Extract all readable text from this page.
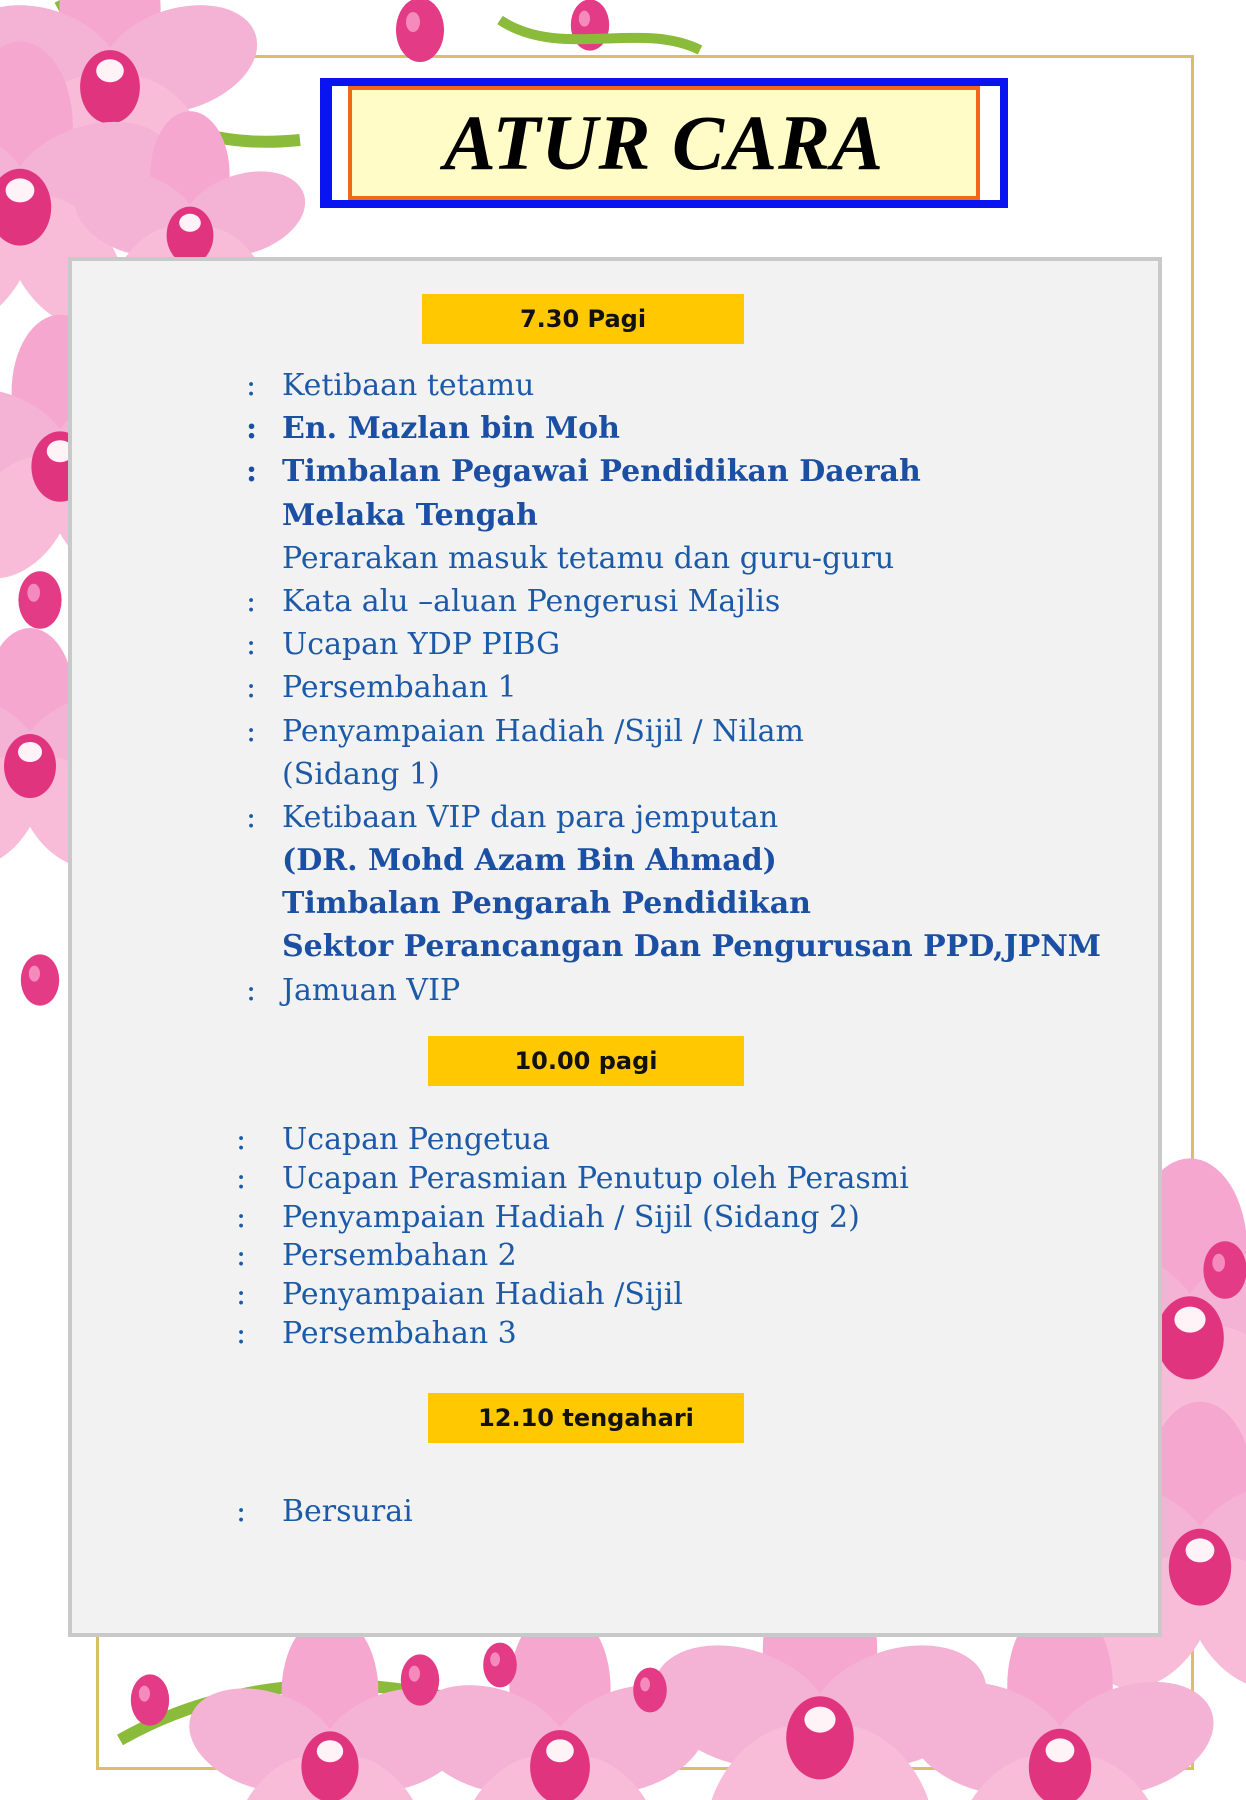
ATUR CARA
7.30 Pagi
: Ketibaan tetamu
: En. Mazlan bin Moh
: Timbalan Pegawai Pendidikan Daerah
Melaka Tengah
Perarakan masuk tetamu dan guru-guru
: Kata alu –aluan Pengerusi Majlis
: Ucapan YDP PIBG
: Persembahan 1
: Penyampaian Hadiah /Sijil / Nilam
(Sidang 1)
: Ketibaan VIP dan para jemputan
(DR. Mohd Azam Bin Ahmad)
Timbalan Pengarah Pendidikan
Sektor Perancangan Dan Pengurusan PPD,JPNM
: Jamuan VIP
10.00 pagi
:	Ucapan Pengetua
:	Ucapan Perasmian Penutup oleh Perasmi
:	Penyampaian Hadiah / Sijil (Sidang 2)
:	Persembahan 2
:	Penyampaian Hadiah /Sijil
:	Persembahan 3
12.10 tengahari
:	Bersurai
